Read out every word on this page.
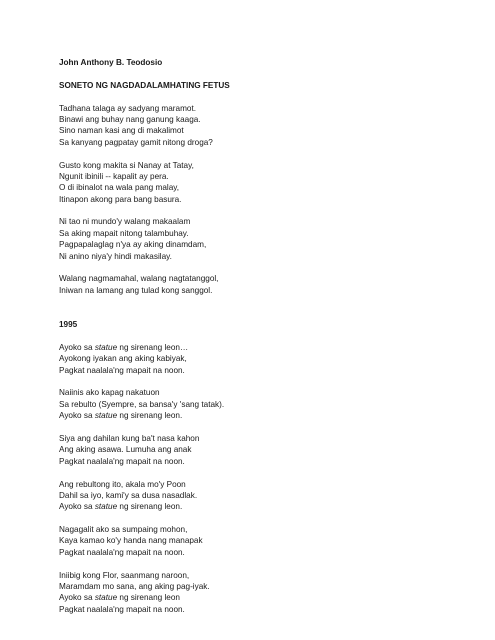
John Anthony B. Teodosio
SONETO NG NAGDADALAMHATING FETUS
Tadhana talaga ay sadyang maramot.
Binawi ang buhay nang ganung kaaga.
Sino naman kasi ang di makalimot
Sa kanyang pagpatay gamit nitong droga?
Gusto kong makita si Nanay at Tatay,
Ngunit ibinili -- kapalit ay pera.
O di ibinalot na wala pang malay,
Itinapon akong para bang basura.
Ni tao ni mundo'y walang makaalam
Sa aking mapait nitong talambuhay.
Pagpapalaglag n'ya ay aking dinamdam,
Ni anino niya'y hindi makasilay.
Walang nagmamahal, walang nagtatanggol,
Iniwan na lamang ang tulad kong sanggol.
1995
Ayoko sa statue ng sirenang leon…
Ayokong iyakan ang aking kabiyak,
Pagkat naalala'ng mapait na noon.
Naiinis ako kapag nakatuon
Sa rebulto (Syempre, sa bansa'y 'sang tatak).
Ayoko sa statue ng sirenang leon.
Siya ang dahilan kung ba't nasa kahon
Ang aking asawa. Lumuha ang anak
Pagkat naalala'ng mapait na noon.
Ang rebultong ito, akala mo'y Poon
Dahil sa iyo, kami'y sa dusa nasadlak.
Ayoko sa statue ng sirenang leon.
Nagagalit ako sa sumpaing mohon,
Kaya kamao ko'y handa nang manapak
Pagkat naalala'ng mapait na noon.
Iniibig kong Flor, saanmang naroon,
Maramdam mo sana, ang aking pag-iyak.
Ayoko sa statue ng sirenang leon
Pagkat naalala'ng mapait na noon.
